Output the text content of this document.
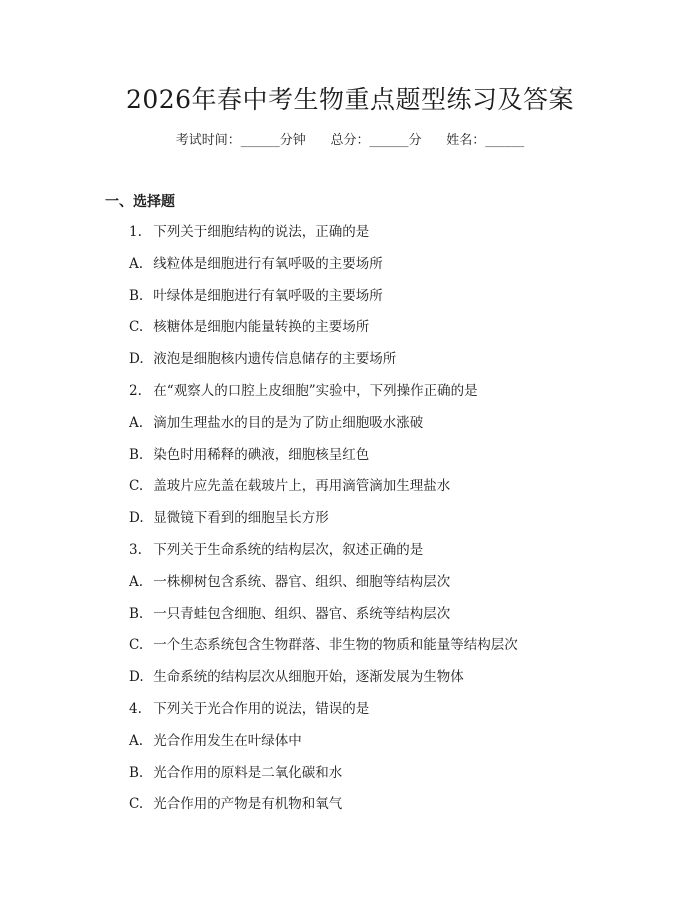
2026年春中考生物重点题型练习及答案
考试时间：______分钟      总分：______分      姓名：______
一、选择题
1. 下列关于细胞结构的说法，正确的是
A. 线粒体是细胞进行有氧呼吸的主要场所
B. 叶绿体是细胞进行有氧呼吸的主要场所
C. 核糖体是细胞内能量转换的主要场所
D. 液泡是细胞核内遗传信息储存的主要场所
2. 在“观察人的口腔上皮细胞”实验中，下列操作正确的是
A. 滴加生理盐水的目的是为了防止细胞吸水涨破
B. 染色时用稀释的碘液，细胞核呈红色
C. 盖玻片应先盖在载玻片上，再用滴管滴加生理盐水
D. 显微镜下看到的细胞呈长方形
3. 下列关于生命系统的结构层次，叙述正确的是
A. 一株柳树包含系统、器官、组织、细胞等结构层次
B. 一只青蛙包含细胞、组织、器官、系统等结构层次
C. 一个生态系统包含生物群落、非生物的物质和能量等结构层次
D. 生命系统的结构层次从细胞开始，逐渐发展为生物体
4. 下列关于光合作用的说法，错误的是
A. 光合作用发生在叶绿体中
B. 光合作用的原料是二氧化碳和水
C. 光合作用的产物是有机物和氧气
